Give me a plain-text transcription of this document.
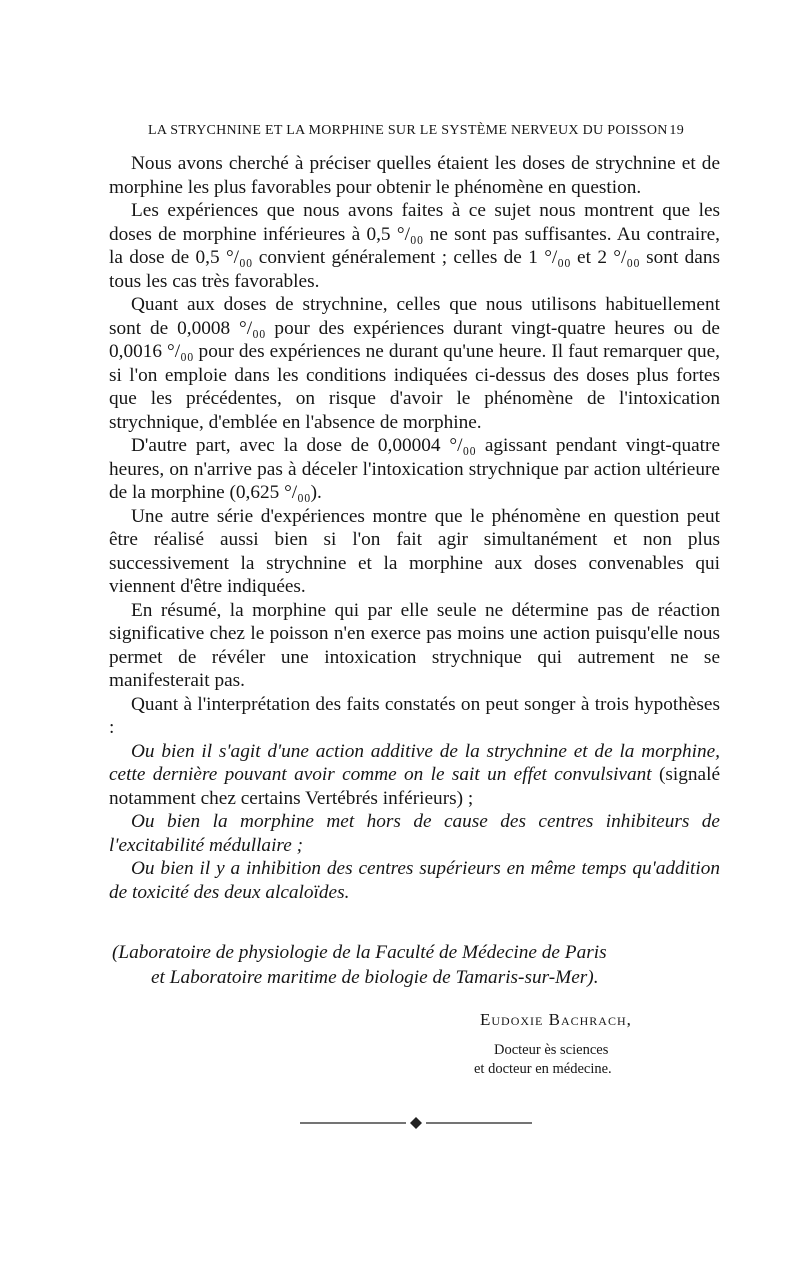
LA STRYCHNINE ET LA MORPHINE SUR LE SYSTÈME NERVEUX DU POISSON 19

Nous avons cherché à préciser quelles étaient les doses de strychnine et de morphine les plus favorables pour obtenir le phénomène en question.

Les expériences que nous avons faites à ce sujet nous montrent que les doses de morphine inférieures à 0,5 °/₀₀ ne sont pas suffisantes. Au contraire, la dose de 0,5 °/₀₀ convient généralement ; celles de 1 °/₀₀ et 2 °/₀₀ sont dans tous les cas très favorables.

Quant aux doses de strychnine, celles que nous utilisons habituellement sont de 0,0008 °/₀₀ pour des expériences durant vingt-quatre heures ou de 0,0016 °/₀₀ pour des expériences ne durant qu'une heure. Il faut remarquer que, si l'on emploie dans les conditions indiquées ci-dessus des doses plus fortes que les précédentes, on risque d'avoir le phénomène de l'intoxication strychnique, d'emblée en l'absence de morphine.

D'autre part, avec la dose de 0,00004 °/₀₀ agissant pendant vingt-quatre heures, on n'arrive pas à déceler l'intoxication strychnique par action ultérieure de la morphine (0,625 °/₀₀).

Une autre série d'expériences montre que le phénomène en question peut être réalisé aussi bien si l'on fait agir simultanément et non plus successivement la strychnine et la morphine aux doses convenables qui viennent d'être indiquées.

En résumé, la morphine qui par elle seule ne détermine pas de réaction significative chez le poisson n'en exerce pas moins une action puisqu'elle nous permet de révéler une intoxication strychnique qui autrement ne se manifesterait pas.

Quant à l'interprétation des faits constatés on peut songer à trois hypothèses :

Ou bien il s'agit d'une action additive de la strychnine et de la morphine, cette dernière pouvant avoir comme on le sait un effet convulsivant (signalé notamment chez certains Vertébrés inférieurs) ;

Ou bien la morphine met hors de cause des centres inhibiteurs de l'excitabilité médullaire ;

Ou bien il y a inhibition des centres supérieurs en même temps qu'addition de toxicité des deux alcaloïdes.

(Laboratoire de physiologie de la Faculté de Médecine de Paris

et Laboratoire maritime de biologie de Tamaris-sur-Mer).

Eudoxie Bachrach,
Docteur ès sciences
et docteur en médecine.
